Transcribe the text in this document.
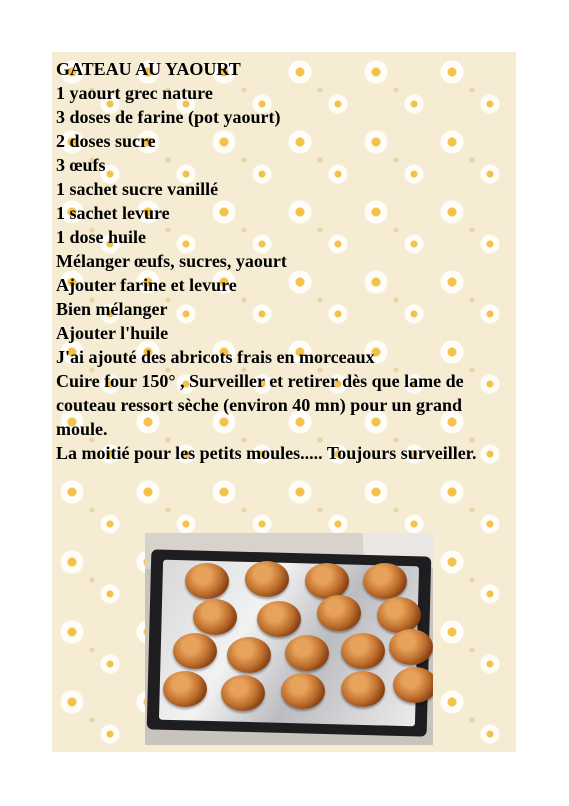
GATEAU AU YAOURT
1 yaourt grec nature
3 doses de farine (pot yaourt)
2 doses sucre
3 œufs
1 sachet sucre vanillé
1 sachet levure
1 dose huile
Mélanger œufs, sucres, yaourt
Ajouter farine et levure
Bien mélanger
Ajouter l'huile
J'ai ajouté des abricots frais en morceaux
Cuire four 150° , Surveiller et retirer dès que lame de couteau ressort sèche (environ 40 mn) pour un grand moule.
La moitié pour les petits moules..... Toujours surveiller.
